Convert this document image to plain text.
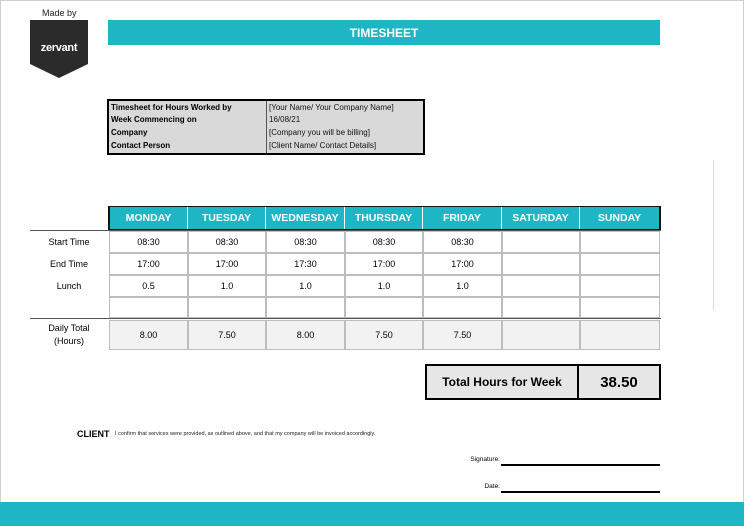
Made by
zervant
TIMESHEET
Timesheet for Hours Worked by	[Your Name/ Your Company Name]
Week Commencing on	16/08/21
Company	[Company you will be billing]
Contact Person	[Client Name/ Contact Details]
MONDAY	TUESDAY	WEDNESDAY	THURSDAY	FRIDAY	SATURDAY	SUNDAY
Start Time	08:30	08:30	08:30	08:30	08:30
End Time	17:00	17:00	17:30	17:00	17:00
Lunch	0.5	1.0	1.0	1.0	1.0
Daily Total
(Hours)
8.00	7.50	8.00	7.50	7.50
Total Hours for Week	38.50
CLIENT I confirm that services were provided, as outlined above, and that my company will be invoiced accordingly.
Signature:
Date:
